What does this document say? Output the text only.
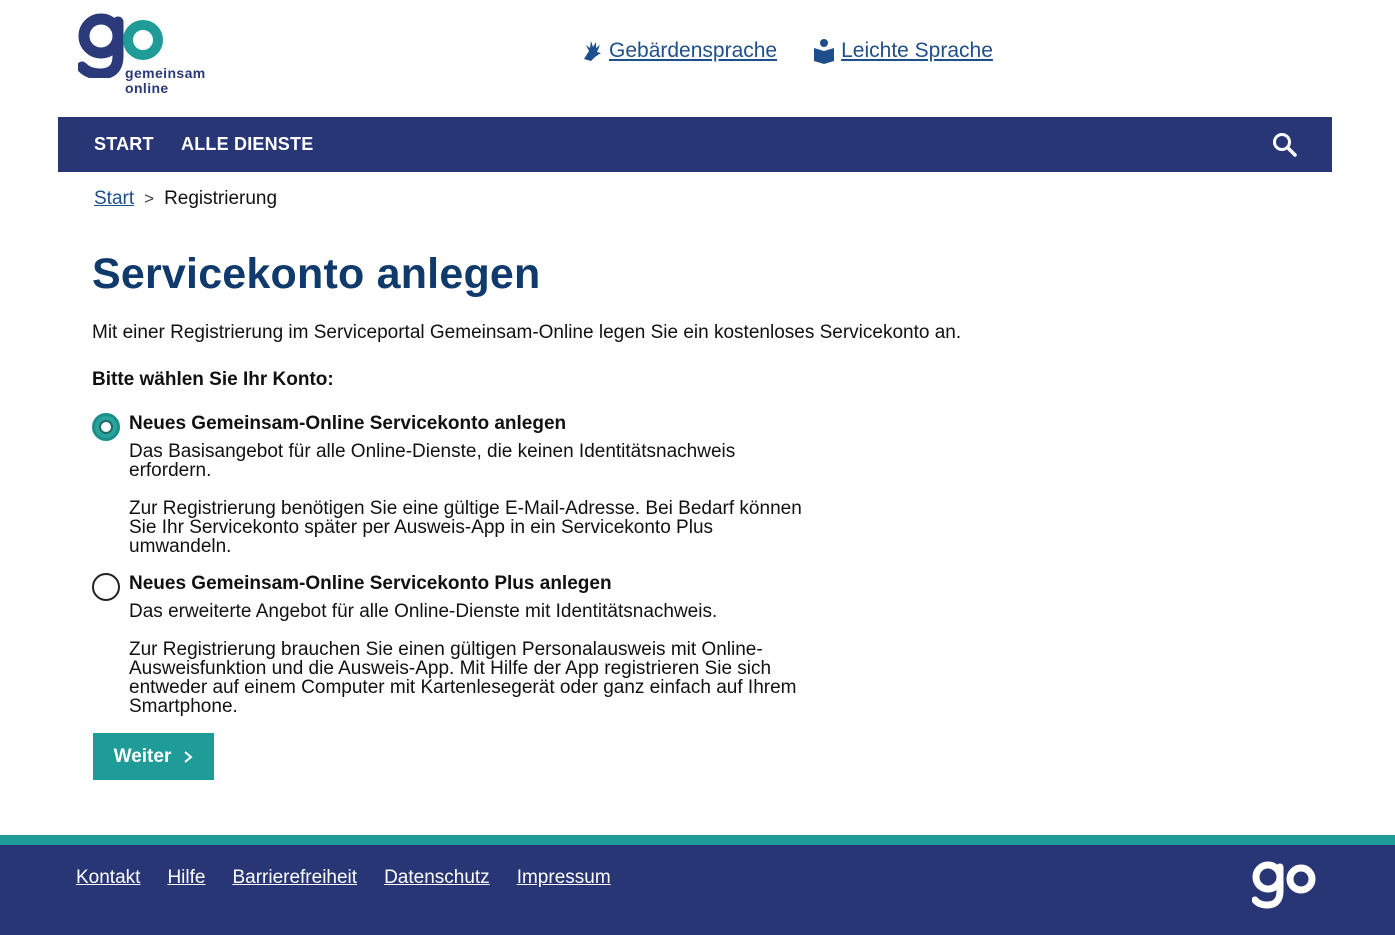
gemeinsam
online
Gebärdensprache	Leichte Sprache
START ALLE DIENSTE
Start > Registrierung
Servicekonto anlegen

Mit einer Registrierung im Serviceportal Gemeinsam-Online legen Sie ein kostenloses Servicekonto an.

Bitte wählen Sie Ihr Konto:

Neues Gemeinsam-Online Servicekonto anlegen
Das Basisangebot für alle Online-Dienste, die keinen Identitätsnachweis erfordern.
Zur Registrierung benötigen Sie eine gültige E-Mail-Adresse. Bei Bedarf können Sie Ihr Servicekonto später per Ausweis-App in ein Servicekonto Plus umwandeln.
Neues Gemeinsam-Online Servicekonto Plus anlegen
Das erweiterte Angebot für alle Online-Dienste mit Identitätsnachweis.
Zur Registrierung brauchen Sie einen gültigen Personalausweis mit Online-Ausweisfunktion und die Ausweis-App. Mit Hilfe der App registrieren Sie sich entweder auf einem Computer mit Kartenlesegerät oder ganz einfach auf Ihrem Smartphone.
Weiter
Kontakt Hilfe Barrierefreiheit Datenschutz Impressum
